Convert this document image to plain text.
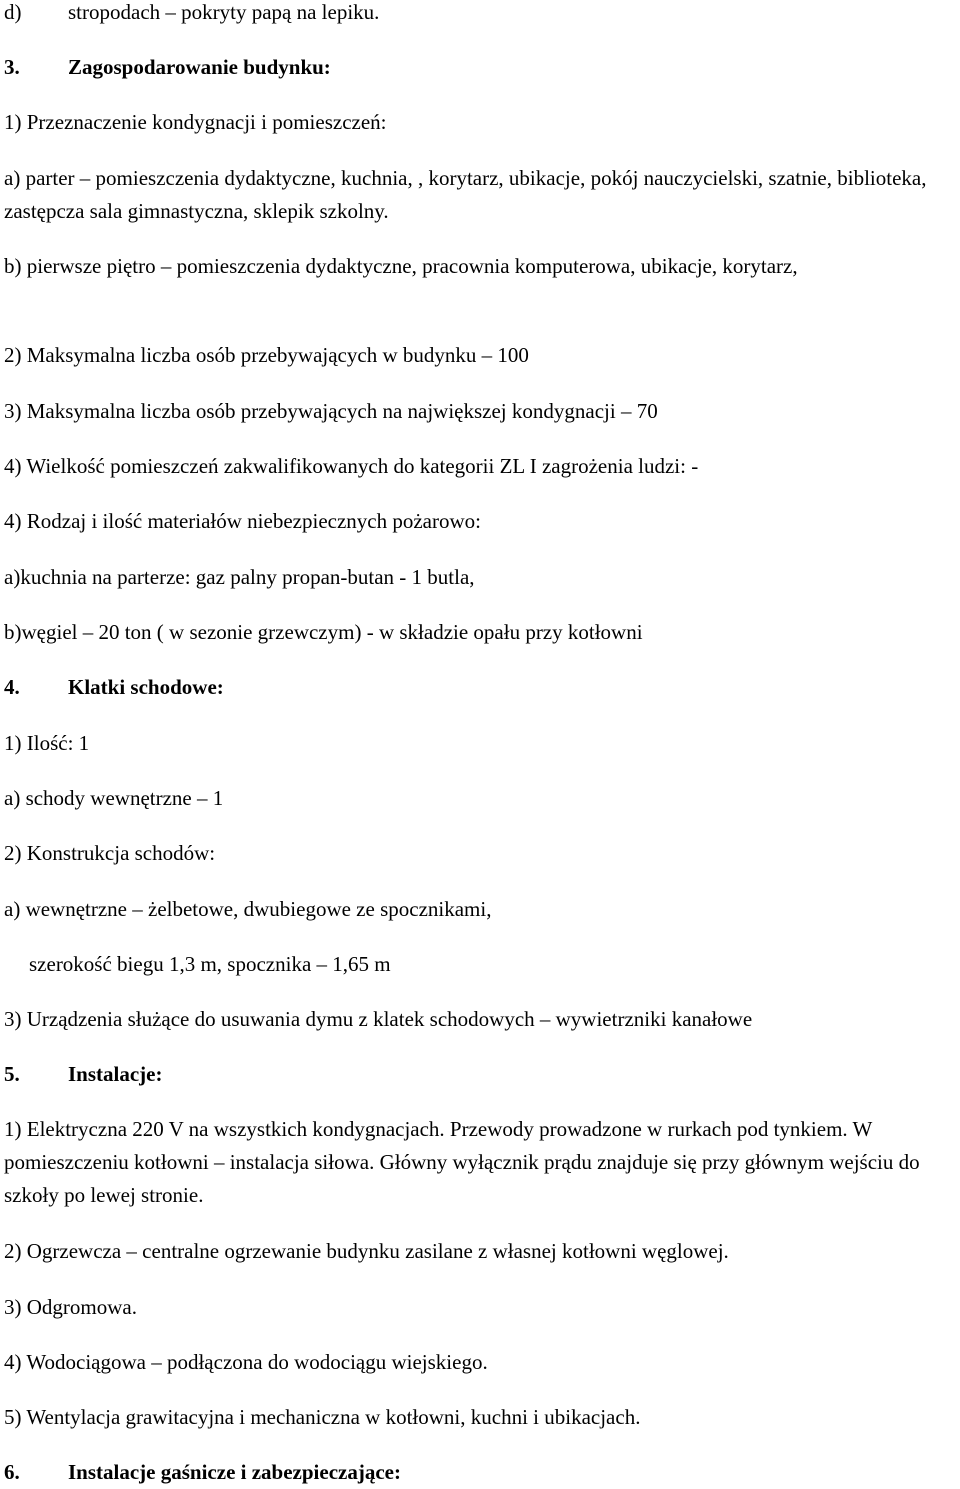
d) stropodach – pokryty papą na lepiku.
3. Zagospodarowanie budynku:
1) Przeznaczenie kondygnacji i pomieszczeń:
a) parter – pomieszczenia dydaktyczne, kuchnia, , korytarz, ubikacje, pokój nauczycielski, szatnie, biblioteka, zastępcza sala gimnastyczna, sklepik szkolny.
b) pierwsze piętro – pomieszczenia dydaktyczne, pracownia komputerowa, ubikacje, korytarz,
2) Maksymalna liczba osób przebywających w budynku – 100
3) Maksymalna liczba osób przebywających na największej kondygnacji – 70
4) Wielkość pomieszczeń zakwalifikowanych do kategorii ZL I zagrożenia ludzi: -
4) Rodzaj i ilość materiałów niebezpiecznych pożarowo:
a)kuchnia na parterze: gaz palny propan-butan - 1 butla,
b)węgiel – 20 ton ( w sezonie grzewczym) - w składzie opału przy kotłowni
4. Klatki schodowe:
1) Ilość: 1
a) schody wewnętrzne – 1
2) Konstrukcja schodów:
a) wewnętrzne – żelbetowe, dwubiegowe ze spocznikami,
szerokość biegu 1,3 m, spocznika – 1,65 m
3) Urządzenia służące do usuwania dymu z klatek schodowych – wywietrzniki kanałowe
5. Instalacje:
1) Elektryczna 220 V na wszystkich kondygnacjach. Przewody prowadzone w rurkach pod tynkiem. W pomieszczeniu kotłowni – instalacja siłowa. Główny wyłącznik prądu znajduje się przy głównym wejściu do szkoły po lewej stronie.
2) Ogrzewcza – centralne ogrzewanie budynku zasilane z własnej kotłowni węglowej.
3) Odgromowa.
4) Wodociągowa – podłączona do wodociągu wiejskiego.
5) Wentylacja grawitacyjna i mechaniczna w kotłowni, kuchni i ubikacjach.
6. Instalacje gaśnicze i zabezpieczające:
